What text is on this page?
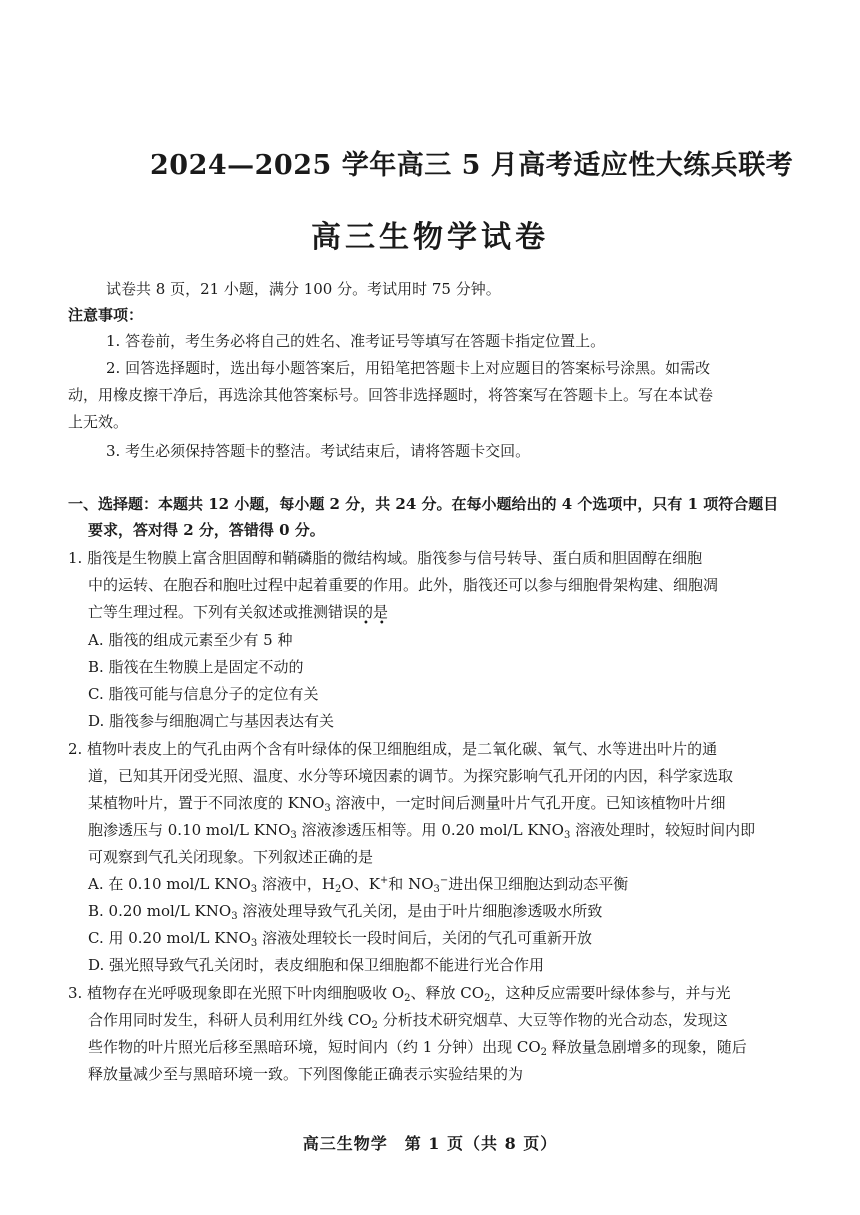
2024—2025 学年高三 5 月高考适应性大练兵联考
高三生物学试卷
试卷共 8 页，21 小题，满分 100 分。考试用时 75 分钟。
注意事项：
1. 答卷前，考生务必将自己的姓名、准考证号等填写在答题卡指定位置上。
2. 回答选择题时，选出每小题答案后，用铅笔把答题卡上对应题目的答案标号涂黑。如需改
动，用橡皮擦干净后，再选涂其他答案标号。回答非选择题时，将答案写在答题卡上。写在本试卷
上无效。
3. 考生必须保持答题卡的整洁。考试结束后，请将答题卡交回。
一、选择题：本题共 12 小题，每小题 2 分，共 24 分。在每小题给出的 4 个选项中，只有 1 项符合题目
要求，答对得 2 分，答错得 0 分。
1. 脂筏是生物膜上富含胆固醇和鞘磷脂的微结构域。脂筏参与信号转导、蛋白质和胆固醇在细胞
中的运转、在胞吞和胞吐过程中起着重要的作用。此外，脂筏还可以参与细胞骨架构建、细胞凋
亡等生理过程。下列有关叙述或推测错误的是
•　•
A. 脂筏的组成元素至少有 5 种
B. 脂筏在生物膜上是固定不动的
C. 脂筏可能与信息分子的定位有关
D. 脂筏参与细胞凋亡与基因表达有关
2. 植物叶表皮上的气孔由两个含有叶绿体的保卫细胞组成，是二氧化碳、氧气、水等进出叶片的通
道，已知其开闭受光照、温度、水分等环境因素的调节。为探究影响气孔开闭的内因，科学家选取
某植物叶片，置于不同浓度的 $KNO_3$ 溶液中，一定时间后测量叶片气孔开度。已知该植物叶片细
胞渗透压与 0.10 mol/L $KNO_3$ 溶液渗透压相等。用 0.20 mol/L $KNO_3$ 溶液处理时，较短时间内即
可观察到气孔关闭现象。下列叙述正确的是
A. 在 0.10 mol/L $KNO_3$ 溶液中，$H_2O$、K+和 $NO_3^-$进出保卫细胞达到动态平衡
B. 0.20 mol/L $KNO_3$ 溶液处理导致气孔关闭，是由于叶片细胞渗透吸水所致
C. 用 0.20 mol/L $KNO_3$ 溶液处理较长一段时间后，关闭的气孔可重新开放
D. 强光照导致气孔关闭时，表皮细胞和保卫细胞都不能进行光合作用
3. 植物存在光呼吸现象即在光照下叶肉细胞吸收 $O_2$、释放 $CO_2$，这种反应需要叶绿体参与，并与光
合作用同时发生，科研人员利用红外线 $CO_2$ 分析技术研究烟草、大豆等作物的光合动态，发现这
些作物的叶片照光后移至黑暗环境，短时间内（约 1 分钟）出现 $CO_2$ 释放量急剧增多的现象，随后
释放量减少至与黑暗环境一致。下列图像能正确表示实验结果的为
高三生物学　第 1 页（共 8 页）
